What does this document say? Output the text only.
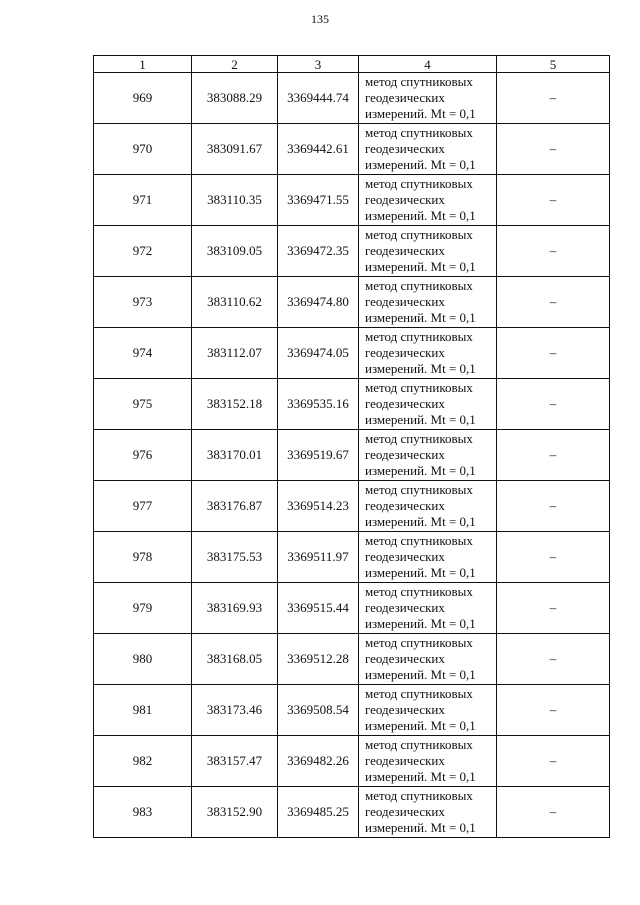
135
1	2	3	4	5
969	383088.29	3369444.74	метод спутниковых
геодезических
измерений. Mt = 0,1	–
970	383091.67	3369442.61	метод спутниковых
геодезических
измерений. Mt = 0,1	–
971	383110.35	3369471.55	метод спутниковых
геодезических
измерений. Mt = 0,1	–
972	383109.05	3369472.35	метод спутниковых
геодезических
измерений. Mt = 0,1	–
973	383110.62	3369474.80	метод спутниковых
геодезических
измерений. Mt = 0,1	–
974	383112.07	3369474.05	метод спутниковых
геодезических
измерений. Mt = 0,1	–
975	383152.18	3369535.16	метод спутниковых
геодезических
измерений. Mt = 0,1	–
976	383170.01	3369519.67	метод спутниковых
геодезических
измерений. Mt = 0,1	–
977	383176.87	3369514.23	метод спутниковых
геодезических
измерений. Mt = 0,1	–
978	383175.53	3369511.97	метод спутниковых
геодезических
измерений. Mt = 0,1	–
979	383169.93	3369515.44	метод спутниковых
геодезических
измерений. Mt = 0,1	–
980	383168.05	3369512.28	метод спутниковых
геодезических
измерений. Mt = 0,1	–
981	383173.46	3369508.54	метод спутниковых
геодезических
измерений. Mt = 0,1	–
982	383157.47	3369482.26	метод спутниковых
геодезических
измерений. Mt = 0,1	–
983	383152.90	3369485.25	метод спутниковых
геодезических
измерений. Mt = 0,1	–
